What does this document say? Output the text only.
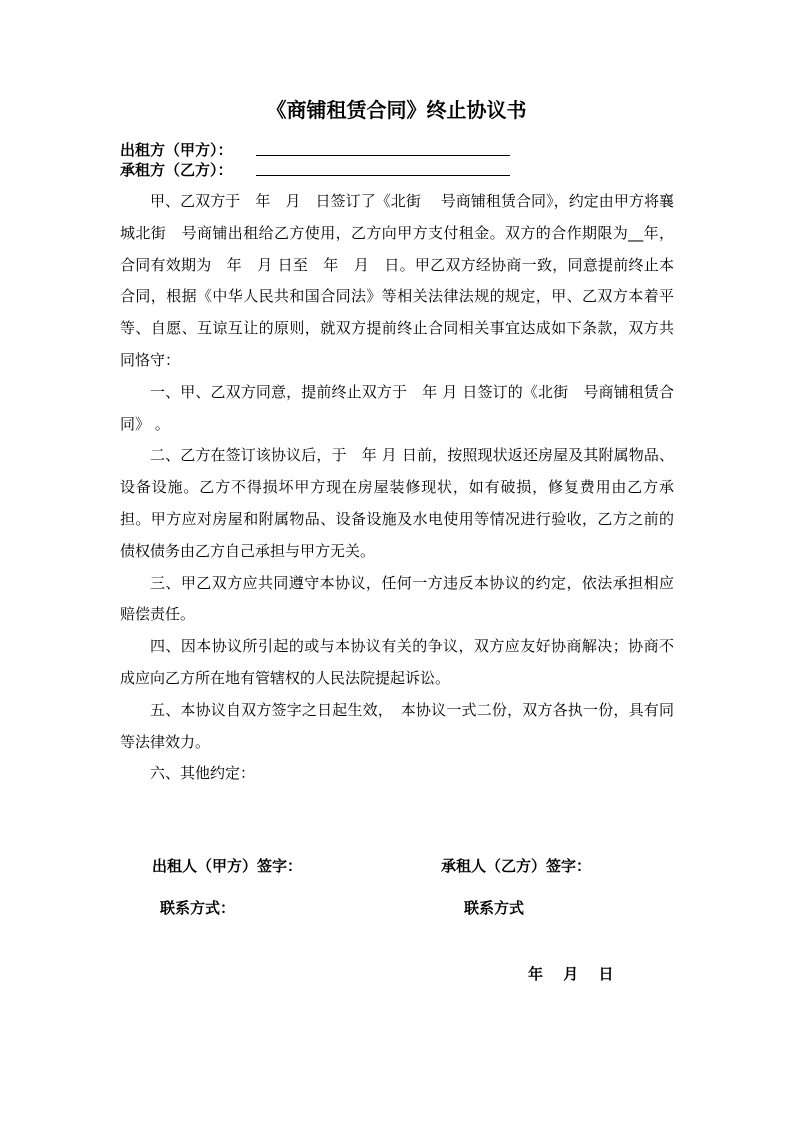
《商铺租赁合同》终止协议书
出租方（甲方）：
承租方（乙方）：

甲、乙双方于　年　月　日签订了《北街　 号商铺租赁合同》，约定由甲方将襄城北街　号商铺出租给乙方使用，乙方向甲方支付租金。双方的合作期限为__年，合同有效期为　年　月 日至　年　月　日。甲乙双方经协商一致，同意提前终止本合同，根据《中华人民共和国合同法》等相关法律法规的规定，甲、乙双方本着平等、自愿、互谅互让的原则，就双方提前终止合同相关事宜达成如下条款，双方共同恪守：

一、甲、乙双方同意，提前终止双方于　年 月 日签订的《北街　号商铺租赁合同》 。

二、乙方在签订该协议后，于　年 月 日前，按照现状返还房屋及其附属物品、设备设施。乙方不得损坏甲方现在房屋装修现状，如有破损，修复费用由乙方承担。甲方应对房屋和附属物品、设备设施及水电使用等情况进行验收，乙方之前的债权债务由乙方自己承担与甲方无关。

三、甲乙双方应共同遵守本协议，任何一方违反本协议的约定，依法承担相应赔偿责任。

四、因本协议所引起的或与本协议有关的争议，双方应友好协商解决；协商不成应向乙方所在地有管辖权的人民法院提起诉讼。

五、本协议自双方签字之日起生效，　本协议一式二份，双方各执一份，具有同等法律效力。

六、其他约定：

出租人（甲方）签字：	承租人（乙方）签字：
联系方式：	联系方式
年　 月　 日
